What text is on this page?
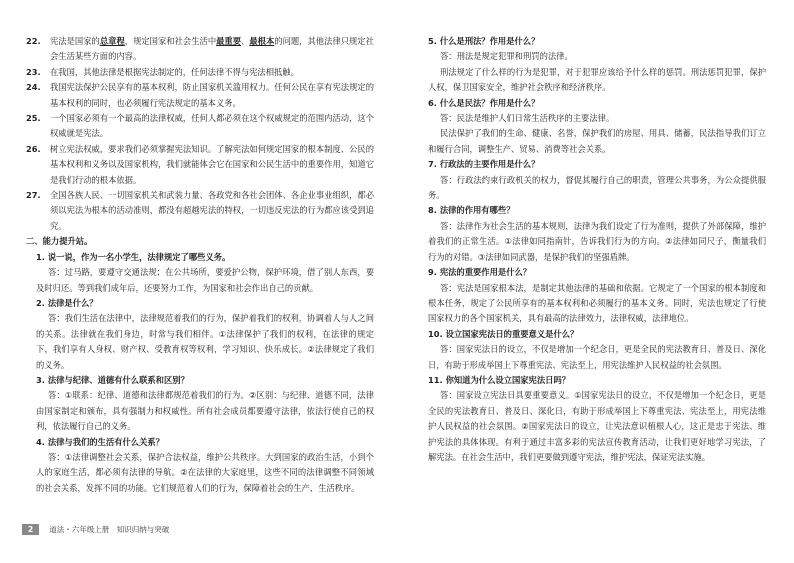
22.	宪法是国家的总章程，规定国家和社会生活中最重要、最根本的问题，其他法律只规定社会生活某些方面的内容。
23.	在我国，其他法律是根据宪法制定的，任何法律不得与宪法相抵触。
24.	我国宪法保护公民享有的基本权利，防止国家机关滥用权力。任何公民在享有宪法规定的基本权利的同时，也必须履行宪法规定的基本义务。
25.	一个国家必须有一个最高的法律权威，任何人都必须在这个权威规定的范围内活动，这个权威就是宪法。
26.	树立宪法权威，要求我们必须掌握宪法知识。了解宪法如何规定国家的根本制度、公民的基本权利和义务以及国家机构，我们就能体会它在国家和公民生活中的重要作用，知道它是我们行动的根本依据。
27.	全国各族人民、一切国家机关和武装力量、各政党和各社会团体、各企业事业组织，都必须以宪法为根本的活动准则，都没有超越宪法的特权，一切违反宪法的行为都应该受到追究。
二、能力提升站。
1. 说一说，作为一名小学生，法律规定了哪些义务。
答：过马路，要遵守交通法规；在公共场所，要爱护公物，保护环境，借了别人东西，要及时归还。等到我们成年后，还要努力工作，为国家和社会作出自己的贡献。
2. 法律是什么？
答：我们生活在法律中，法律规范着我们的行为，保护着我们的权利，协调着人与人之间的关系。法律就在我们身边，时常与我们相伴。①法律保护了我们的权利，在法律的规定下，我们享有人身权、财产权、受教育权等权利，学习知识、快乐成长。②法律规定了我们的义务。
3. 法律与纪律、道德有什么联系和区别？
答：①联系：纪律、道德和法律都规范着我们的行为。②区别：与纪律、道德不同，法律由国家制定和颁布，具有强制力和权威性。所有社会成员都要遵守法律，依法行使自己的权利，依法履行自己的义务。
4. 法律与我们的生活有什么关系？
答：①法律调整社会关系，保护合法权益，维护公共秩序。大到国家的政治生活，小到个人的家庭生活，都必须有法律的导航。②在法律的大家庭里，这些不同的法律调整不同领域的社会关系，发挥不同的功能。它们规范着人们的行为，保障着社会的生产、生活秩序。
5. 什么是刑法？作用是什么？
答：刑法是规定犯罪和刑罚的法律。
刑法规定了什么样的行为是犯罪，对于犯罪应该给予什么样的惩罚。刑法惩罚犯罪，保护人权，保卫国家安全，维护社会秩序和经济秩序。
6. 什么是民法？作用是什么？
答：民法是维护人们日常生活秩序的主要法律。
民法保护了我们的生命、健康、名誉，保护我们的房屋、用具、储蓄，民法指导我们订立和履行合同，调整生产、贸易、消费等社会关系。
7. 行政法的主要作用是什么？
答：行政法约束行政机关的权力，督促其履行自己的职责，管理公共事务，为公众提供服务。
8. 法律的作用有哪些？
答：法律作为社会生活的基本规则，法律为我们设定了行为准则，提供了外部保障，维护着我们的正常生活。①法律如同指南针，告诉我们行为的方向。②法律如同尺子，衡量我们行为的对错。③法律如同武器，是保护我们的坚强盾牌。
9. 宪法的重要作用是什么？
答：宪法是国家根本法，是制定其他法律的基础和依据。它规定了一个国家的根本制度和根本任务，规定了公民所享有的基本权利和必须履行的基本义务。同时，宪法也规定了行使国家权力的各个国家机关，具有最高的法律效力，法律权威，法律地位。
10. 设立国家宪法日的重要意义是什么？
答：国家宪法日的设立，不仅是增加一个纪念日，更是全民的宪法教育日、普及日、深化日，有助于形成举国上下尊重宪法、宪法至上，用宪法维护人民权益的社会氛围。
11. 你知道为什么设立国家宪法日吗？
答：国家设立宪法日具要重要意义。①国家宪法日的设立，不仅是增加一个纪念日，更是全民的宪法教育日、普及日、深化日，有助于形成举国上下尊重宪法、宪法至上，用宪法维护人民权益的社会氛围。②国家宪法日的设立，让宪法意识植根人心，这正是忠于宪法、维护宪法的具体体现。有利于通过丰富多彩的宪法宣传教育活动，让我们更好地学习宪法，了解宪法。在社会生活中，我们更要做到遵守宪法，维护宪法，保证宪法实施。
2	道法・六年级上册　知识归纳与突破
